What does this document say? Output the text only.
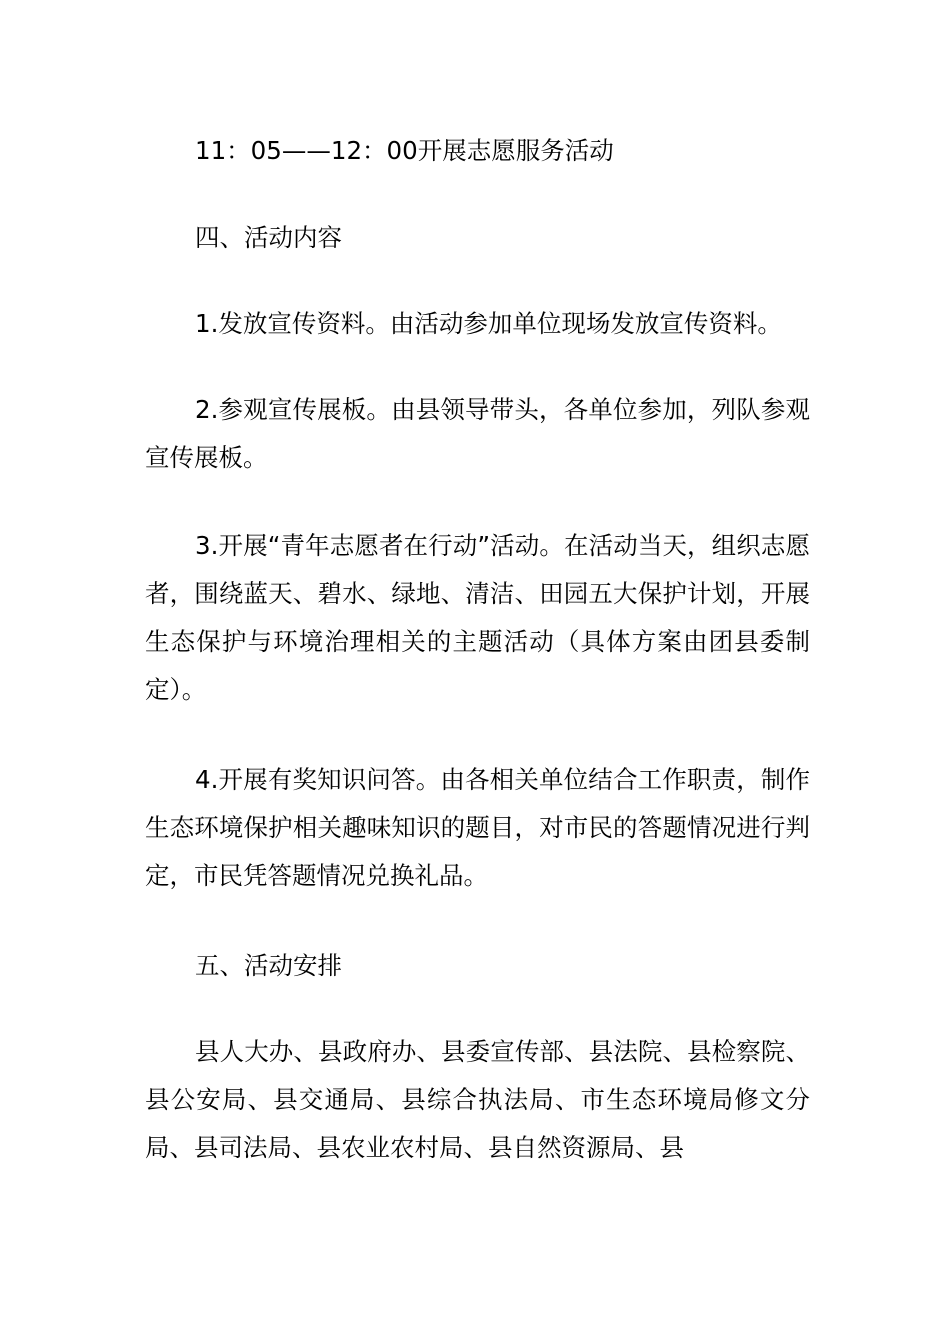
11：05——12：00开展志愿服务活动

四、活动内容

1.发放宣传资料。由活动参加单位现场发放宣传资料。

2.参观宣传展板。由县领导带头，各单位参加，列队参观宣传展板。

3.开展“青年志愿者在行动”活动。在活动当天，组织志愿者，围绕蓝天、碧水、绿地、清洁、田园五大保护计划，开展生态保护与环境治理相关的主题活动（具体方案由团县委制定）。

4.开展有奖知识问答。由各相关单位结合工作职责，制作生态环境保护相关趣味知识的题目，对市民的答题情况进行判定，市民凭答题情况兑换礼品。

五、活动安排

县人大办、县政府办、县委宣传部、县法院、县检察院、县公安局、县交通局、县综合执法局、市生态环境局修文分局、县司法局、县农业农村局、县自然资源局、县
